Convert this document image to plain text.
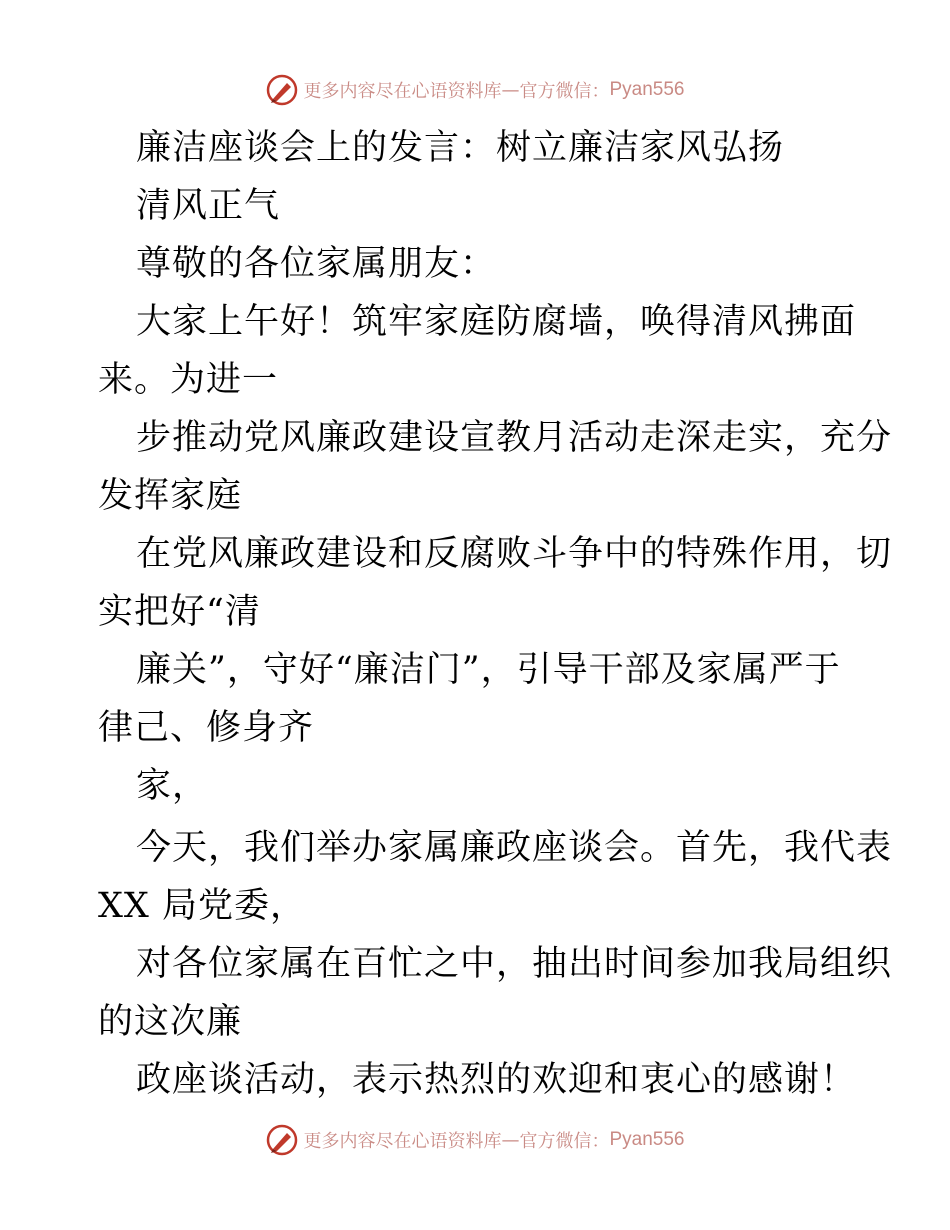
更多内容尽在心语资料库 — 官方微信： Pyan556
廉洁座谈会上的发言：树立廉洁家风弘扬
清风正气
尊敬的各位家属朋友：
大家上午好！筑牢家庭防腐墙，唤得清风拂面
来。为进一
步推动党风廉政建设宣教月活动走深走实，充分
发挥家庭
在党风廉政建设和反腐败斗争中的特殊作用，切
实把好“清
廉关”，守好“廉洁门”，引导干部及家属严于
律己、修身齐
家，
今天，我们举办家属廉政座谈会。首先，我代表
XX 局党委，
对各位家属在百忙之中，抽出时间参加我局组织
的这次廉
政座谈活动，表示热烈的欢迎和衷心的感谢！
更多内容尽在心语资料库 — 官方微信： Pyan556
